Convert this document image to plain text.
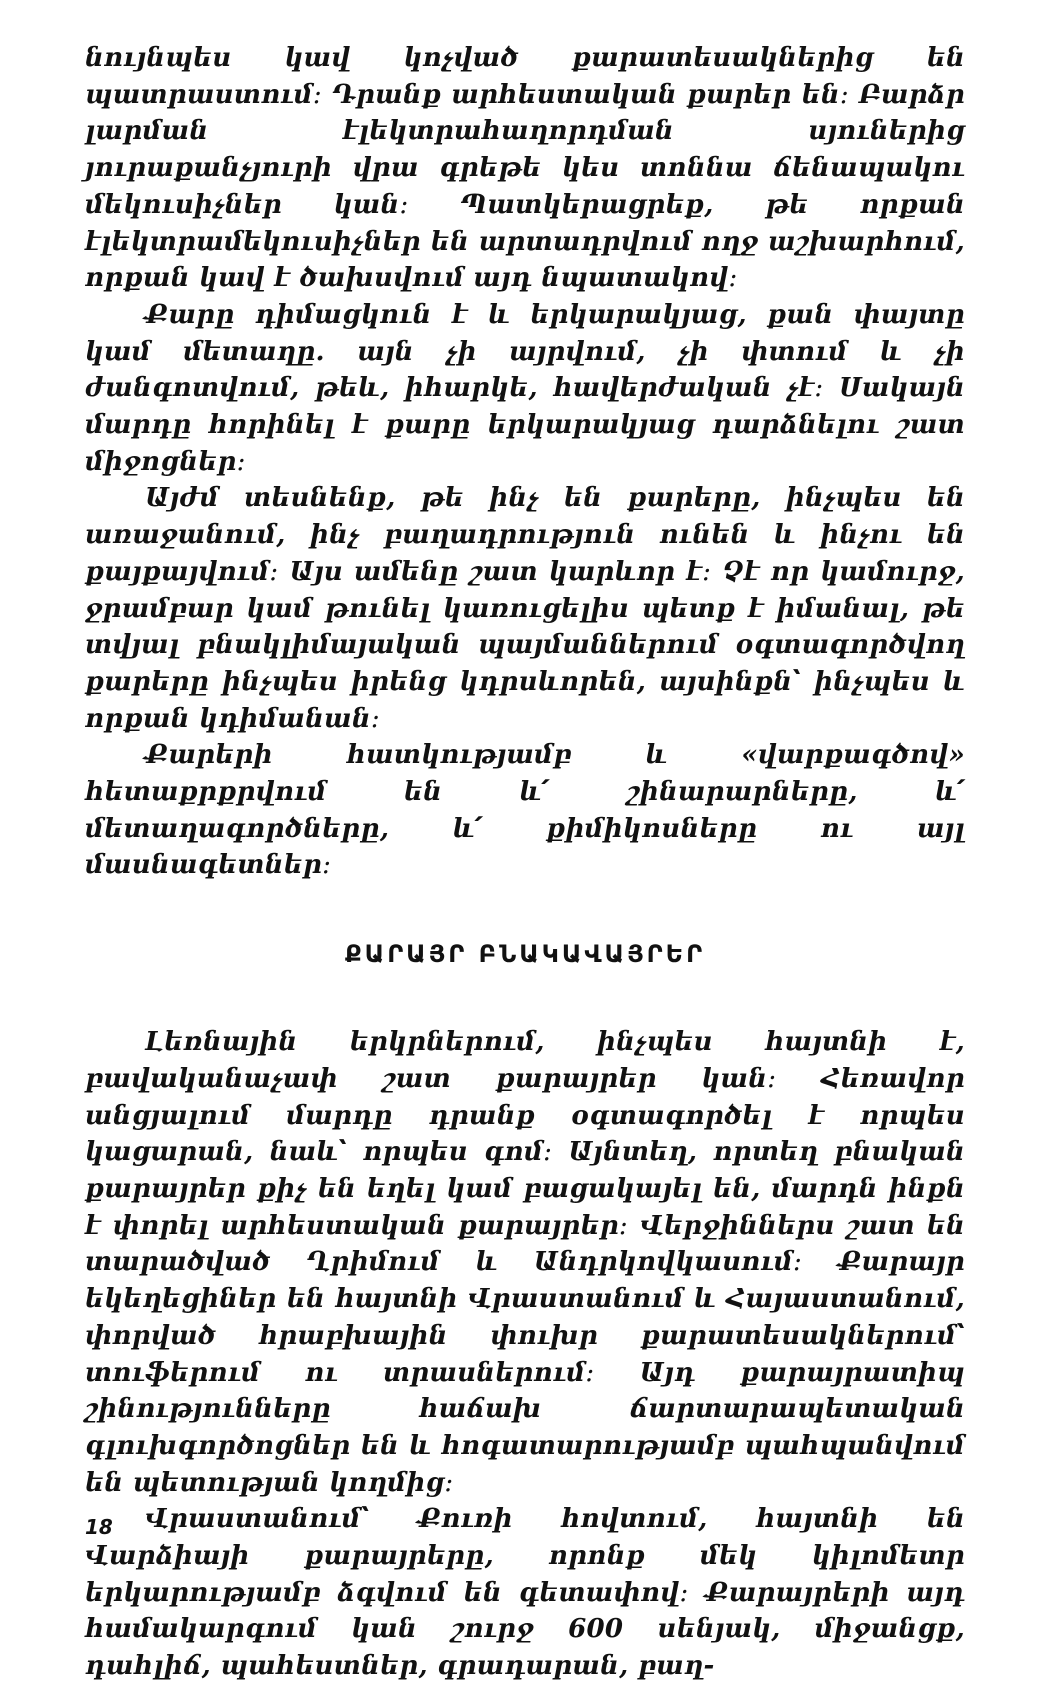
նույնպես կավ կոչված քարատեսակներից են պատրաստում։ Դրանք արհեստական քարեր են։ Բարձր լարման էլեկտրահաղորդման սյուներից յուրաքանչյուրի վրա գրեթե կես տոննա ճենապակու մեկուսիչներ կան։ Պատկերացրեք, թե որքան էլեկտրամեկուսիչներ են արտադրվում ողջ աշխարհում, որքան կավ է ծախսվում այդ նպատակով։

Քարը դիմացկուն է և երկարակյաց, քան փայտը կամ մետաղը. այն չի այրվում, չի փտում և չի ժանգոտվում, թեև, իհարկե, հավերժական չէ։ Սակայն մարդը հորինել է քարը երկարակյաց դարձնելու շատ միջոցներ։

Այժմ տեսնենք, թե ինչ են քարերը, ինչպես են առաջանում, ինչ բաղադրություն ունեն և ինչու են քայքայվում։ Այս ամենը շատ կարևոր է։ Չէ որ կամուրջ, ջրամբար կամ թունել կառուցելիս պետք է իմանալ, թե տվյալ բնակլիմայական պայմաններում օգտագործվող քարերը ինչպես իրենց կդրսևորեն, այսինքն՝ ինչպես և որքան կդիմանան։

Քարերի հատկությամբ և «վարքագծով» հետաքրքրվում են և՛ շինարարները, և՛ մետաղագործները, և՛ քիմիկոսները ու այլ մասնագետներ։

ՔԱՐԱՅՐ ԲՆԱԿԱՎԱՅՐԵՐ

Լեռնային երկրներում, ինչպես հայտնի է, բավականաչափ շատ քարայրեր կան։ Հեռավոր անցյալում մարդը դրանք օգտագործել է որպես կացարան, նաև՝ որպես գոմ։ Այնտեղ, որտեղ բնական քարայրեր քիչ են եղել կամ բացակայել են, մարդն ինքն է փորել արհեստական քարայրեր։ Վերջիններս շատ են տարածված Ղրիմում և Անդրկովկասում։ Քարայր եկեղեցիներ են հայտնի Վրաստանում և Հայաստանում, փորված հրաբխային փուխր քարատեսակներում՝ տուֆերում ու տրասներում։ Այդ քարայրատիպ շինությունները հաճախ ճարտարապետական գլուխգործոցներ են և հոգատարությամբ պահպանվում են պետության կողմից։

Վրաստանում՝ Քուռի հովտում, հայտնի են Վարձիայի քարայրերը, որոնք մեկ կիլոմետր երկարությամբ ձգվում են գետափով։ Քարայրերի այդ համակարգում կան շուրջ 600 սենյակ, միջանցք, դահլիճ, պահեստներ, գրադարան, բաղ-

18
